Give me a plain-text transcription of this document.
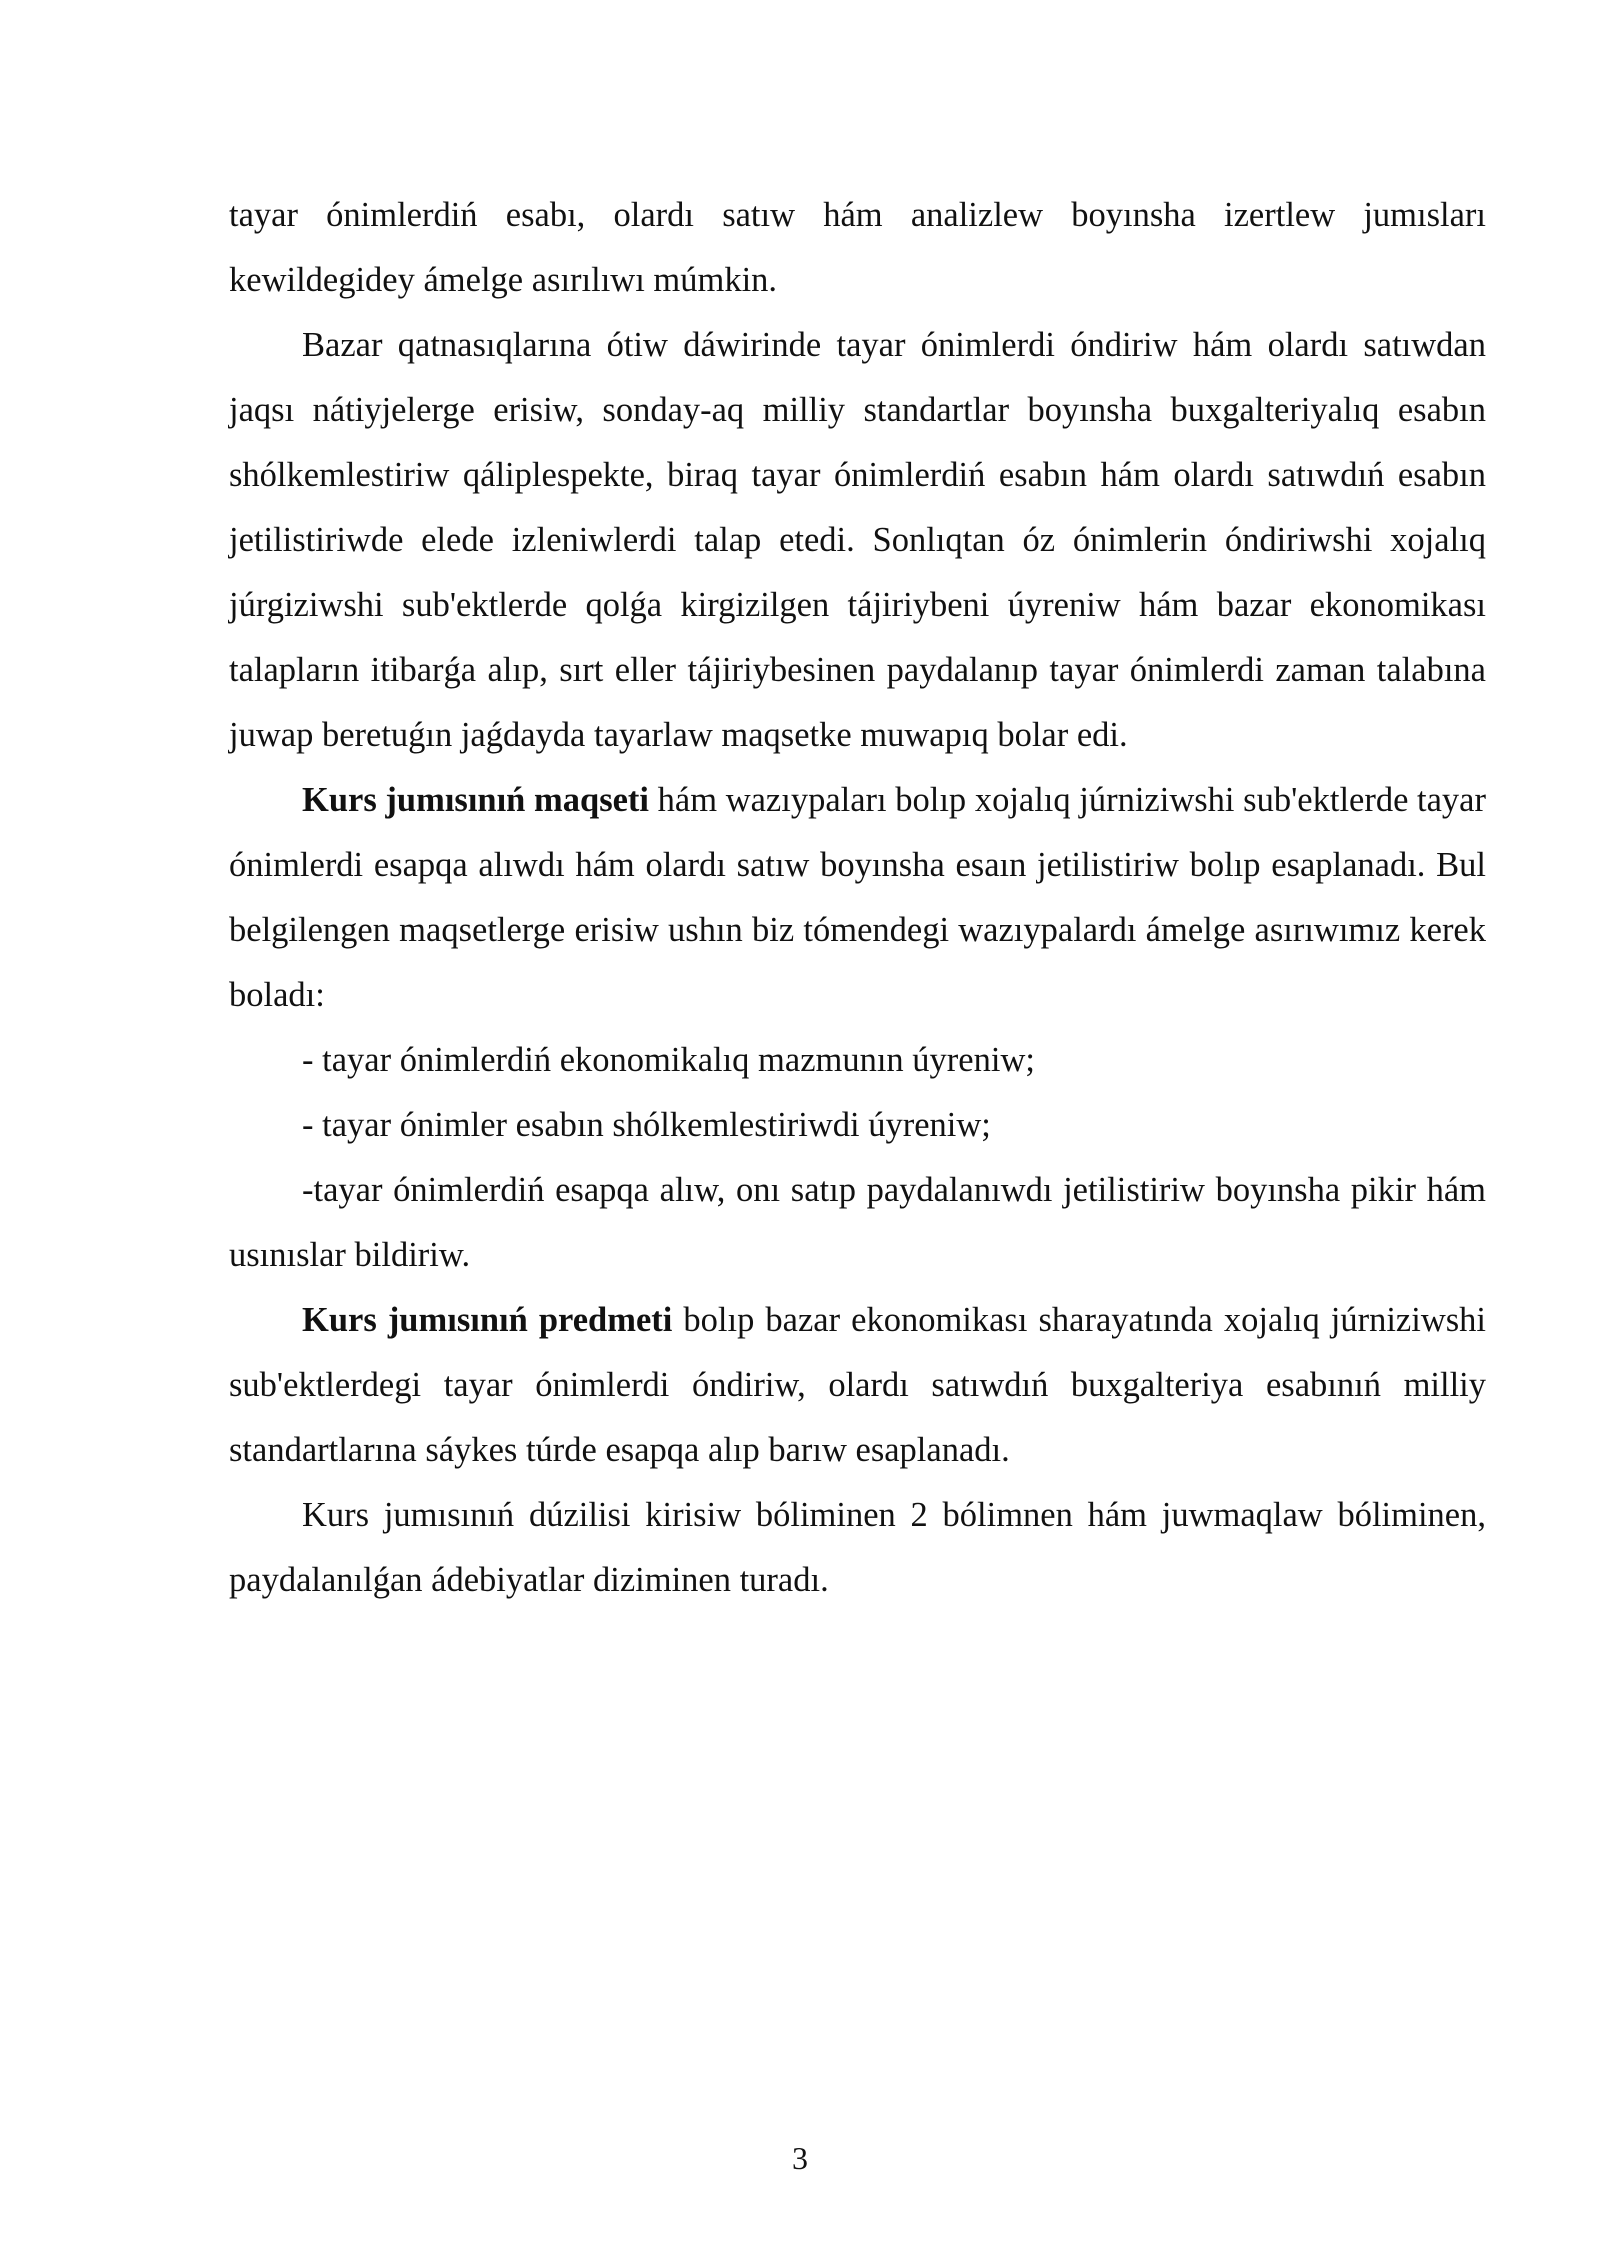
tayar ónimlerdiń esabı, olardı satıw hám analizlew boyınsha izertlew jumısları kewildegidey ámelge asırılıwı múmkin.

Bazar qatnasıqlarına ótiw dáwirinde tayar ónimlerdi óndiriw hám olardı satıwdan jaqsı nátiyjelerge erisiw, sonday-aq milliy standartlar boyınsha buxgalteriyalıq esabın shólkemlestiriw qáliplespekte, biraq tayar ónimlerdiń esabın hám olardı satıwdıń esabın jetilistiriwde elede izleniwlerdi talap etedi. Sonlıqtan óz ónimlerin óndiriwshi xojalıq júrgiziwshi sub'ektlerde qolǵa kirgizilgen tájiriybeni úyreniw hám bazar ekonomikası talapların itibarǵa alıp, sırt eller tájiriybesinen paydalanıp tayar ónimlerdi zaman talabına juwap beretuǵın jaǵdayda tayarlaw maqsetke muwapıq bolar edi.

Kurs jumısınıń maqseti hám wazıypaları bolıp xojalıq júrniziwshi sub'ektlerde tayar ónimlerdi esapqa alıwdı hám olardı satıw boyınsha esaın jetilistiriw bolıp esaplanadı. Bul belgilengen maqsetlerge erisiw ushın biz tómendegi wazıypalardı ámelge asırıwımız kerek boladı:

- tayar ónimlerdiń ekonomikalıq mazmunın úyreniw;

- tayar ónimler esabın shólkemlestiriwdi úyreniw;

-tayar ónimlerdiń esapqa alıw, onı satıp paydalanıwdı jetilistiriw boyınsha pikir hám usınıslar bildiriw.

Kurs jumısınıń predmeti bolıp bazar ekonomikası sharayatında xojalıq júrniziwshi sub'ektlerdegi tayar ónimlerdi óndiriw, olardı satıwdıń buxgalteriya esabınıń milliy standartlarına sáykes túrde esapqa alıp barıw esaplanadı.

Kurs jumısınıń dúzilisi kirisiw bóliminen 2 bólimnen hám juwmaqlaw bóliminen, paydalanılǵan ádebiyatlar diziminen turadı.

3
